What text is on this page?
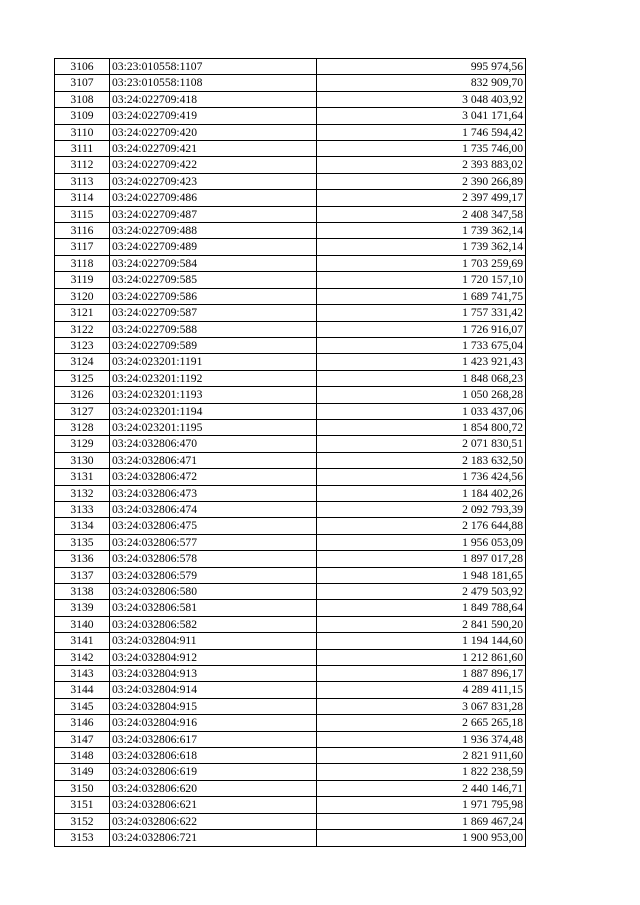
3106	03:23:010558:1107	995 974,56
3107	03:23:010558:1108	832 909,70
3108	03:24:022709:418	3 048 403,92
3109	03:24:022709:419	3 041 171,64
3110	03:24:022709:420	1 746 594,42
3111	03:24:022709:421	1 735 746,00
3112	03:24:022709:422	2 393 883,02
3113	03:24:022709:423	2 390 266,89
3114	03:24:022709:486	2 397 499,17
3115	03:24:022709:487	2 408 347,58
3116	03:24:022709:488	1 739 362,14
3117	03:24:022709:489	1 739 362,14
3118	03:24:022709:584	1 703 259,69
3119	03:24:022709:585	1 720 157,10
3120	03:24:022709:586	1 689 741,75
3121	03:24:022709:587	1 757 331,42
3122	03:24:022709:588	1 726 916,07
3123	03:24:022709:589	1 733 675,04
3124	03:24:023201:1191	1 423 921,43
3125	03:24:023201:1192	1 848 068,23
3126	03:24:023201:1193	1 050 268,28
3127	03:24:023201:1194	1 033 437,06
3128	03:24:023201:1195	1 854 800,72
3129	03:24:032806:470	2 071 830,51
3130	03:24:032806:471	2 183 632,50
3131	03:24:032806:472	1 736 424,56
3132	03:24:032806:473	1 184 402,26
3133	03:24:032806:474	2 092 793,39
3134	03:24:032806:475	2 176 644,88
3135	03:24:032806:577	1 956 053,09
3136	03:24:032806:578	1 897 017,28
3137	03:24:032806:579	1 948 181,65
3138	03:24:032806:580	2 479 503,92
3139	03:24:032806:581	1 849 788,64
3140	03:24:032806:582	2 841 590,20
3141	03:24:032804:911	1 194 144,60
3142	03:24:032804:912	1 212 861,60
3143	03:24:032804:913	1 887 896,17
3144	03:24:032804:914	4 289 411,15
3145	03:24:032804:915	3 067 831,28
3146	03:24:032804:916	2 665 265,18
3147	03:24:032806:617	1 936 374,48
3148	03:24:032806:618	2 821 911,60
3149	03:24:032806:619	1 822 238,59
3150	03:24:032806:620	2 440 146,71
3151	03:24:032806:621	1 971 795,98
3152	03:24:032806:622	1 869 467,24
3153	03:24:032806:721	1 900 953,00
